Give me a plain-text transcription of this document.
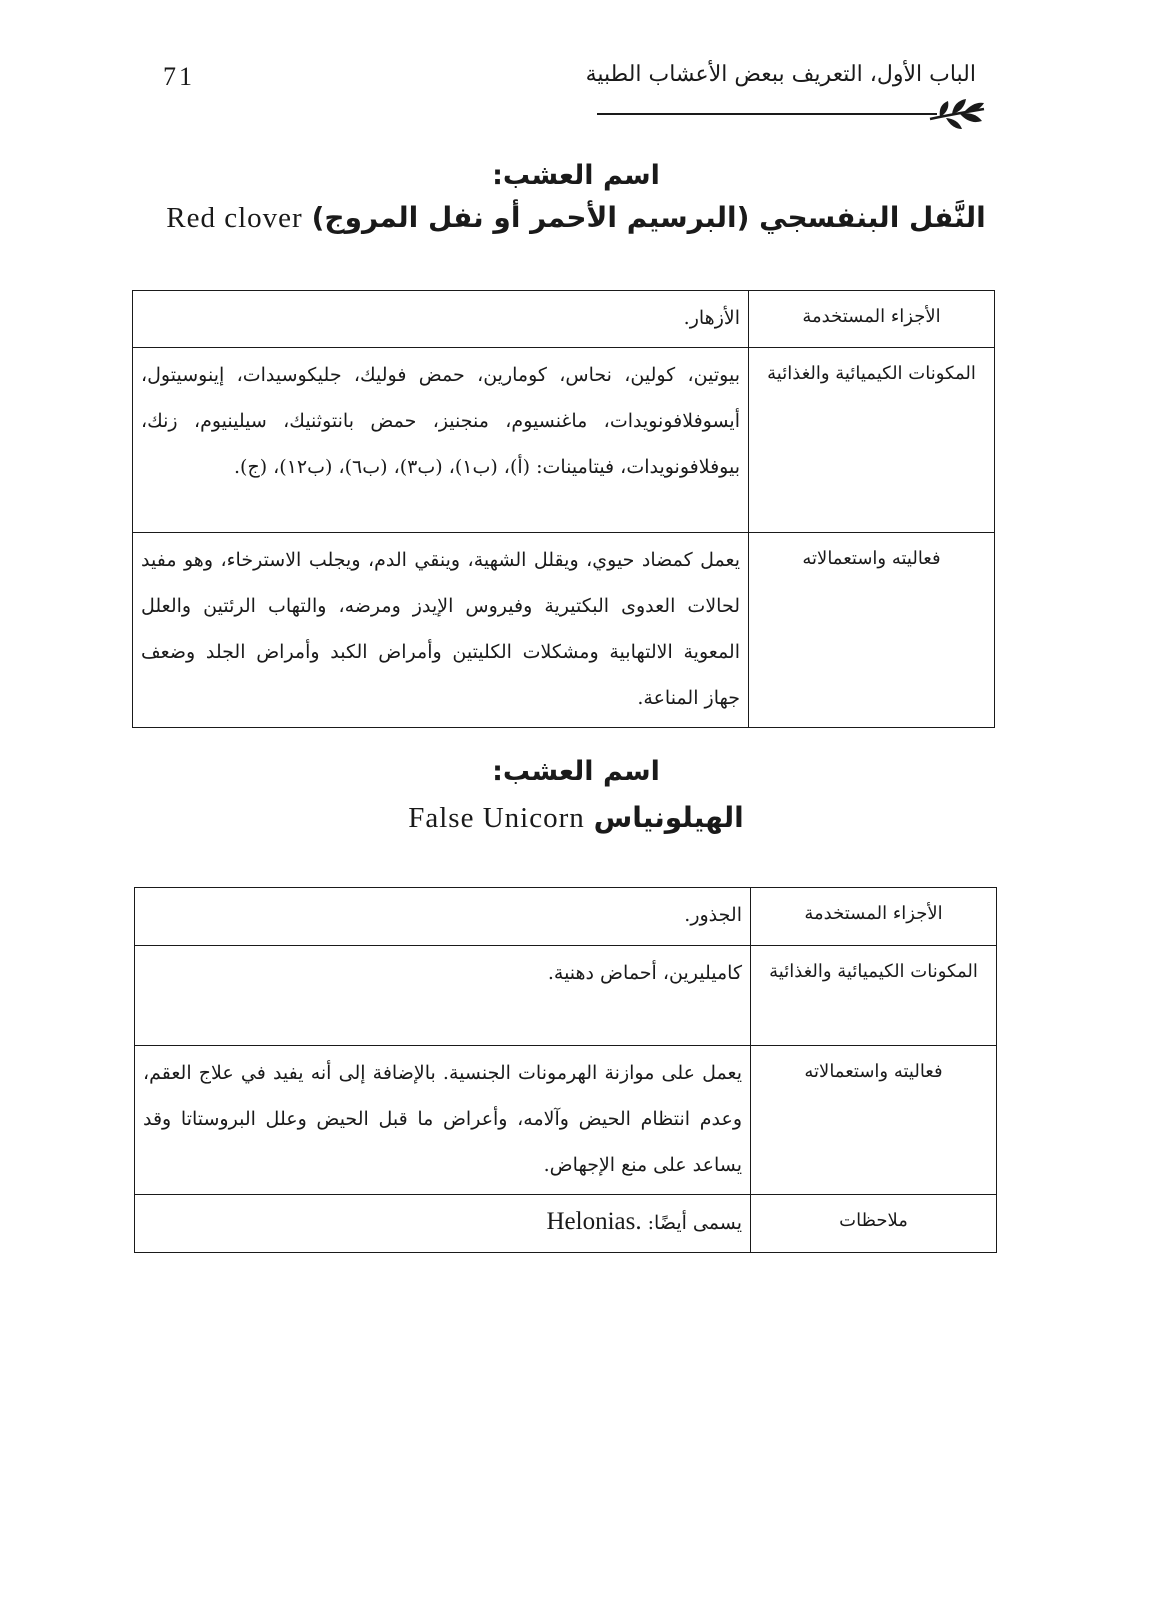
71	الباب الأول، التعريف ببعض الأعشاب الطبية
اسم العشب:
Red clover النَّفل البنفسجي (البرسيم الأحمر أو نفل المروج)
الأجزاء المستخدمة	الأزهار.
المكونات الكيميائية والغذائية	بيوتين، كولين، نحاس، كومارين، حمض فوليك، جليكوسيدات، إينوسيتول، أيسوفلافونويدات، ماغنسيوم، منجنيز، حمض بانتوثنيك، سيلينيوم، زنك، بيوفلافونويدات، فيتامينات: (أ)، (ب١)، (ب٣)، (ب٦)، (ب١٢)، (ج).
فعاليته واستعمالاته	يعمل كمضاد حيوي، ويقلل الشهية، وينقي الدم، ويجلب الاسترخاء، وهو مفيد لحالات العدوى البكتيرية وفيروس الإيدز ومرضه، والتهاب الرئتين والعلل المعوية الالتهابية ومشكلات الكليتين وأمراض الكبد وأمراض الجلد وضعف جهاز المناعة.
اسم العشب:
False Unicorn الهيلونياس
الأجزاء المستخدمة	الجذور.
المكونات الكيميائية والغذائية	كاميليرين، أحماض دهنية.
فعاليته واستعمالاته	يعمل على موازنة الهرمونات الجنسية. بالإضافة إلى أنه يفيد في علاج العقم، وعدم انتظام الحيض وآلامه، وأعراض ما قبل الحيض وعلل البروستاتا وقد يساعد على منع الإجهاض.
ملاحظات	يسمى أيضًا: Helonias.
